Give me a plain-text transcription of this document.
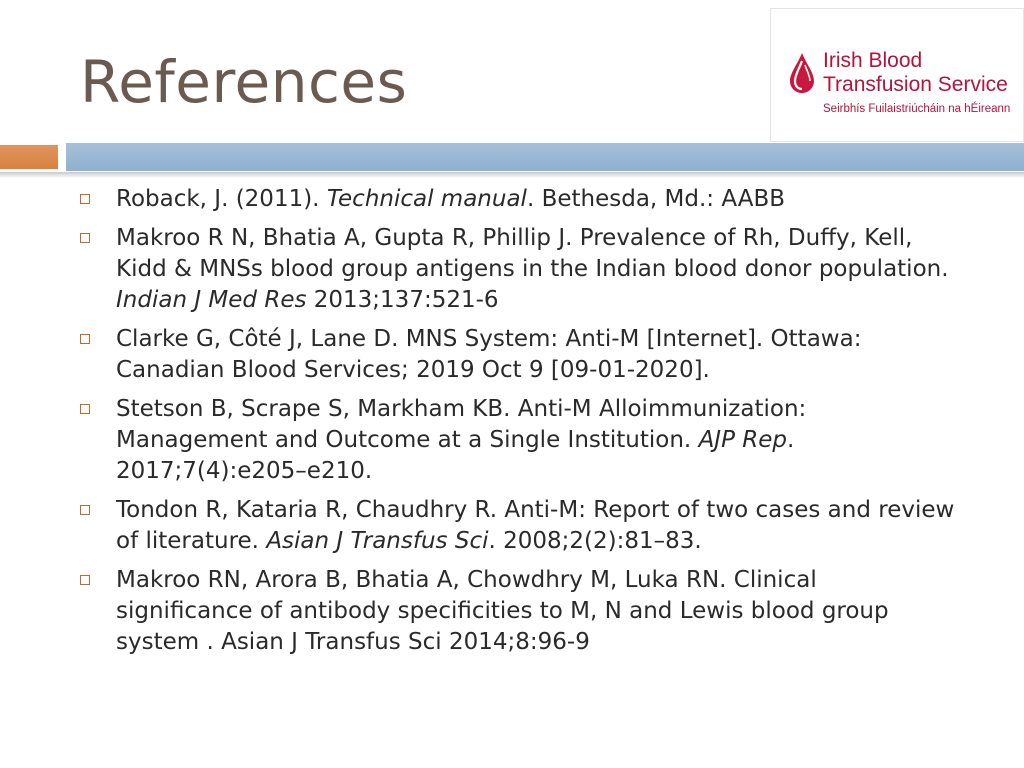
References	Irish Blood
Transfusion Service
Seirbhís Fuilaistriúcháin na hÉireann
Roback, J. (2011). Technical manual. Bethesda, Md.: AABB
Makroo R N, Bhatia A, Gupta R, Phillip J. Prevalence of Rh, Duffy, Kell, Kidd & MNSs blood group antigens in the Indian blood donor population. Indian J Med Res 2013;137:521-6
Clarke G, Côté J, Lane D. MNS System: Anti-M [Internet]. Ottawa: Canadian Blood Services; 2019 Oct 9 [09-01-2020].
Stetson B, Scrape S, Markham KB. Anti-M Alloimmunization: Management and Outcome at a Single Institution. AJP Rep. 2017;7(4):e205–e210.
Tondon R, Kataria R, Chaudhry R. Anti-M: Report of two cases and review of literature. Asian J Transfus Sci. 2008;2(2):81–83.
Makroo RN, Arora B, Bhatia A, Chowdhry M, Luka RN. Clinical significance of antibody specificities to M, N and Lewis blood group system . Asian J Transfus Sci 2014;8:96-9
